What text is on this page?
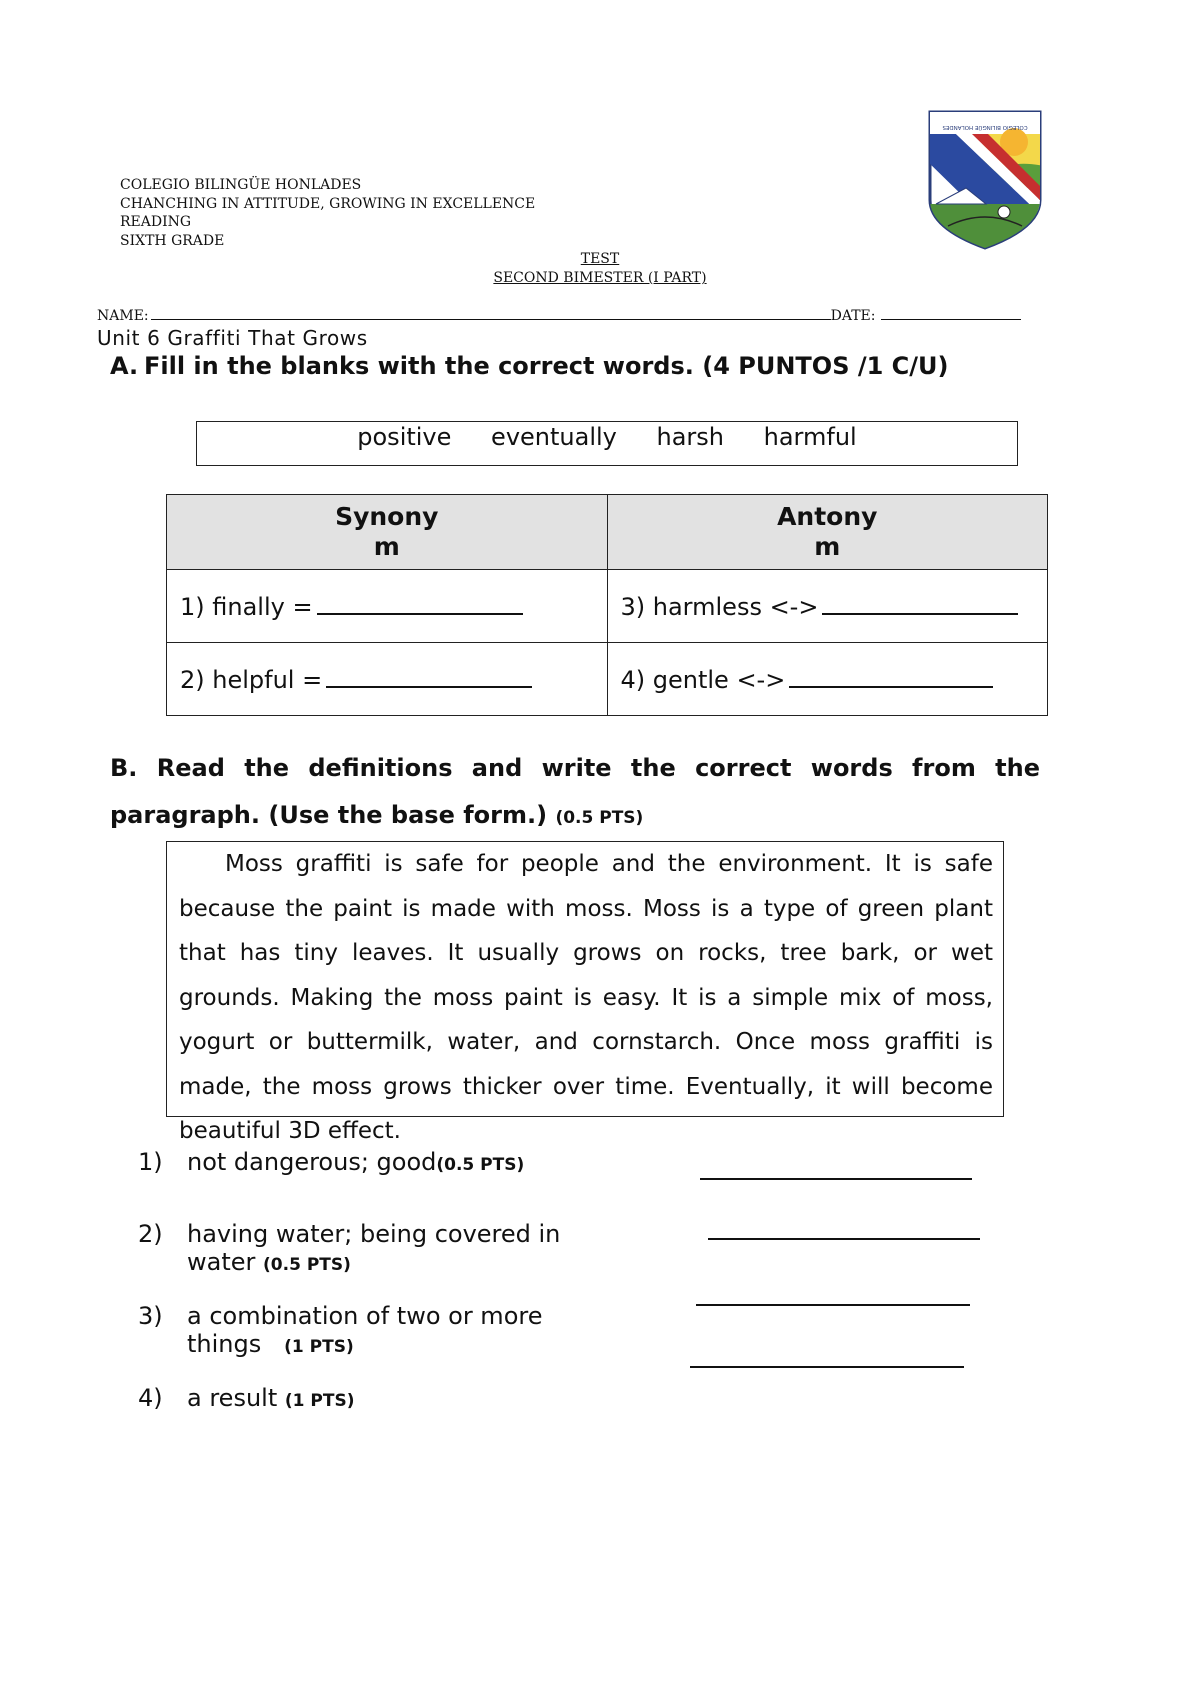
COLEGIO BILINGÜE HONLADES
CHANCHING IN ATTITUDE, GROWING IN EXCELLENCE
READING
SIXTH GRADE
COLEGIO BILINGÜE HOLANDES
TEST
SECOND BIMESTER (I PART)
NAME:	DATE:
Unit 6 Graffiti That Grows
A. Fill in the blanks with the correct words. (4 PUNTOS /1 C/U)
positive eventually harsh harmful
Synonym	Antonym
1) finally =	3) harmless <->
2) helpful =	4) gentle <->
B. Read the definitions and write the correct words from the paragraph. (Use the base form.) (0.5 PTS)

Moss graffiti is safe for people and the environment. It is safe because the paint is made with moss. Moss is a type of green plant that has tiny leaves. It usually grows on rocks, tree bark, or wet grounds. Making the moss paint is easy. It is a simple mix of moss, yogurt or buttermilk, water, and cornstarch. Once moss graffiti is made, the moss grows thicker over time. Eventually, it will become beautiful 3D effect.

1)	not dangerous; good(0.5 PTS)
2)	having water; being covered in water (0.5 PTS)
3)	a combination of two or more things (1 PTS)
4)	a result (1 PTS)
